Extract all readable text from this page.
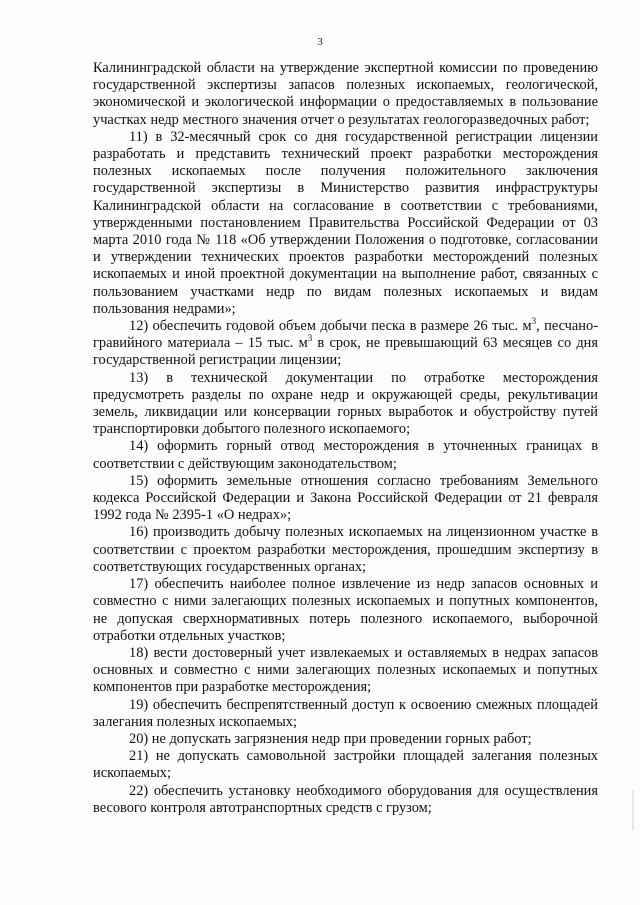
3

Калининградской области на утверждение экспертной комиссии по проведению государственной экспертизы запасов полезных ископаемых, геологической, экономической и экологической информации о предоставляемых в пользование участках недр местного значения отчет о результатах геологоразведочных работ;

11) в 32-месячный срок со дня государственной регистрации лицензии разработать и представить технический проект разработки месторождения полезных ископаемых после получения положительного заключения государственной экспертизы в Министерство развития инфраструктуры Калининградской области на согласование в соответствии с требованиями, утвержденными постановлением Правительства Российской Федерации от 03 марта 2010 года № 118 «Об утверждении Положения о подготовке, согласовании и утверждении технических проектов разработки месторождений полезных ископаемых и иной проектной документации на выполнение работ, связанных с пользованием участками недр по видам полезных ископаемых и видам пользования недрами»;

12) обеспечить годовой объем добычи песка в размере 26 тыс. $м^3$, песчано-гравийного материала – 15 тыс. $м^3$ в срок, не превышающий 63 месяцев со дня государственной регистрации лицензии;

13) в технической документации по отработке месторождения предусмотреть разделы по охране недр и окружающей среды, рекультивации земель, ликвидации или консервации горных выработок и обустройству путей транспортировки добытого полезного ископаемого;

14) оформить горный отвод месторождения в уточненных границах в соответствии с действующим законодательством;

15) оформить земельные отношения согласно требованиям Земельного кодекса Российской Федерации и Закона Российской Федерации от 21 февраля 1992 года № 2395-1 «О недрах»;

16) производить добычу полезных ископаемых на лицензионном участке в соответствии с проектом разработки месторождения, прошедшим экспертизу в соответствующих государственных органах;

17) обеспечить наиболее полное извлечение из недр запасов основных и совместно с ними залегающих полезных ископаемых и попутных компонентов, не допуская сверхнормативных потерь полезного ископаемого, выборочной отработки отдельных участков;

18) вести достоверный учет извлекаемых и оставляемых в недрах запасов основных и совместно с ними залегающих полезных ископаемых и попутных компонентов при разработке месторождения;

19) обеспечить беспрепятственный доступ к освоению смежных площадей залегания полезных ископаемых;

20) не допускать загрязнения недр при проведении горных работ;

21) не допускать самовольной застройки площадей залегания полезных ископаемых;

22) обеспечить установку необходимого оборудования для осуществления весового контроля автотранспортных средств с грузом;
